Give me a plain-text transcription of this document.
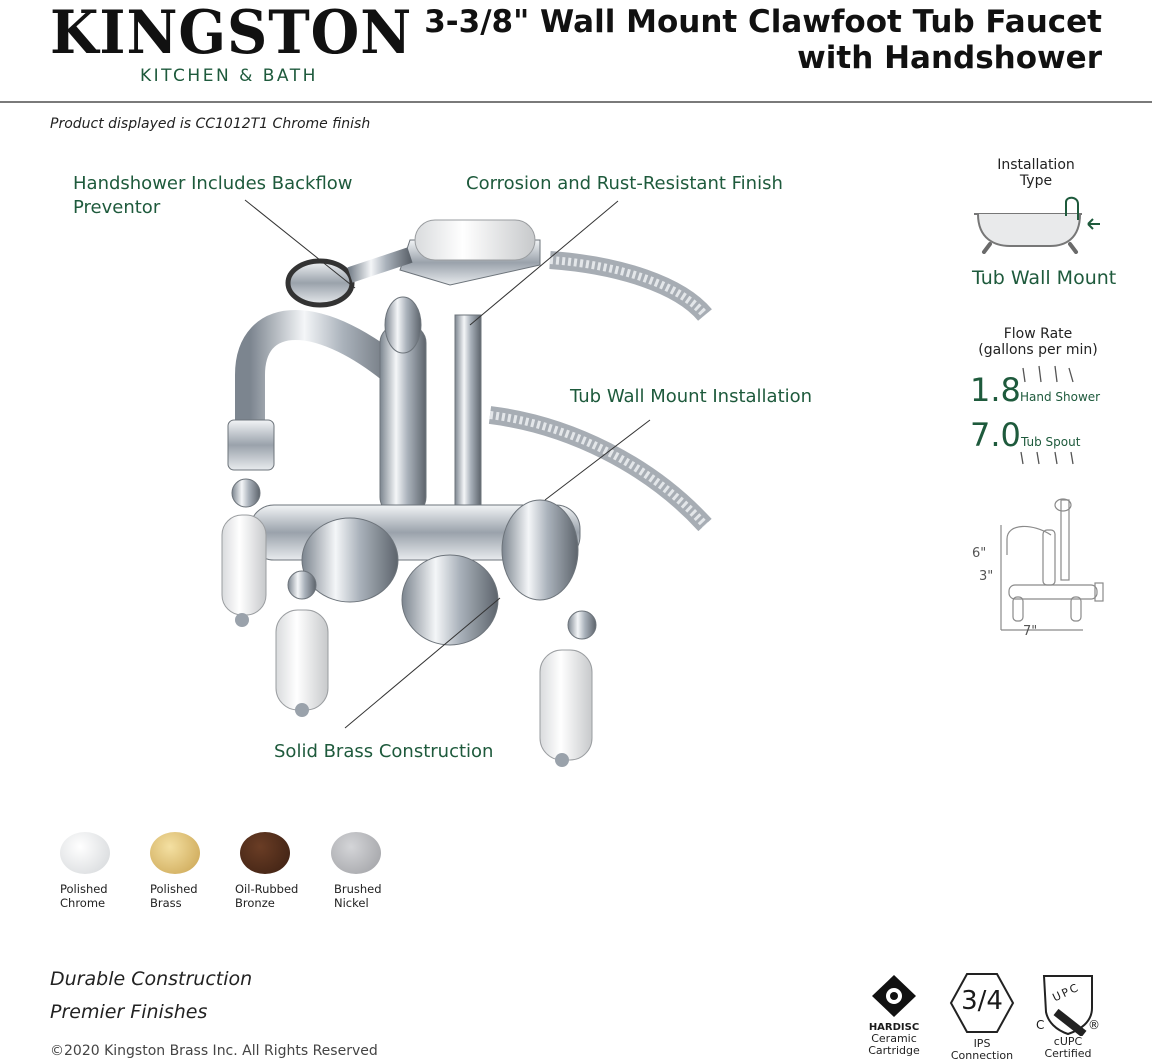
KINGSTON
KITCHEN & BATH
3-3/8" Wall Mount Clawfoot Tub Faucet
with Handshower
Product displayed is CC1012T1 Chrome finish
Handshower Includes Backflow Preventor
Corrosion and Rust-Resistant Finish
Tub Wall Mount Installation
Solid Brass Construction
Installation Type
Tub Wall Mount
Flow Rate
(gallons per min)
1.8 Hand Shower
7.0 Tub Spout
6"
3"
7"
Polished
Chrome
Polished
Brass
Oil-Rubbed
Bronze
Brushed
Nickel
Durable Construction
Premier Finishes
©2020 Kingston Brass Inc. All Rights Reserved
HARDISC
Ceramic
Cartridge
3/4
IPS
Connection
UPC
C	®
cUPC
Certified
